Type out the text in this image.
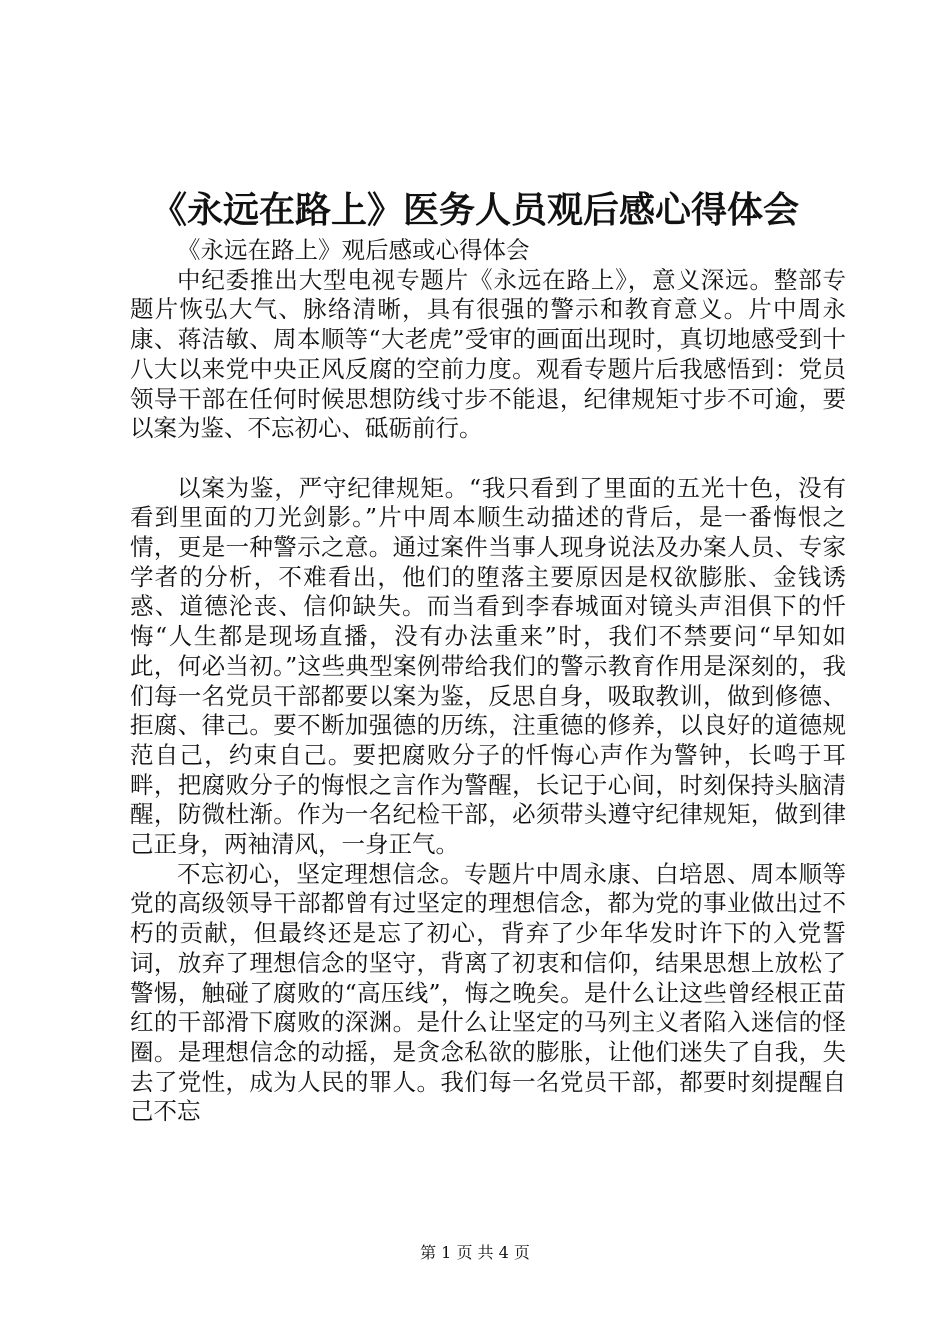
《永远在路上》医务人员观后感心得体会

《永远在路上》观后感或心得体会

中纪委推出大型电视专题片《永远在路上》，意义深远。整部专题片恢弘大气、脉络清晰，具有很强的警示和教育意义。片中周永康、蒋洁敏、周本顺等“大老虎”受审的画面出现时，真切地感受到十八大以来党中央正风反腐的空前力度。观看专题片后我感悟到：党员领导干部在任何时候思想防线寸步不能退，纪律规矩寸步不可逾，要以案为鉴、不忘初心、砥砺前行。

以案为鉴，严守纪律规矩。“我只看到了里面的五光十色，没有看到里面的刀光剑影。”片中周本顺生动描述的背后，是一番悔恨之情，更是一种警示之意。通过案件当事人现身说法及办案人员、专家学者的分析，不难看出，他们的堕落主要原因是权欲膨胀、金钱诱惑、道德沦丧、信仰缺失。而当看到李春城面对镜头声泪俱下的忏悔“人生都是现场直播，没有办法重来”时，我们不禁要问“早知如此，何必当初。”这些典型案例带给我们的警示教育作用是深刻的，我们每一名党员干部都要以案为鉴，反思自身，吸取教训，做到修德、拒腐、律己。要不断加强德的历练，注重德的修养，以良好的道德规范自己，约束自己。要把腐败分子的忏悔心声作为警钟，长鸣于耳畔，把腐败分子的悔恨之言作为警醒，长记于心间，时刻保持头脑清醒，防微杜渐。作为一名纪检干部，必须带头遵守纪律规矩，做到律己正身，两袖清风，一身正气。

不忘初心，坚定理想信念。专题片中周永康、白培恩、周本顺等党的高级领导干部都曾有过坚定的理想信念，都为党的事业做出过不朽的贡献，但最终还是忘了初心，背弃了少年华发时许下的入党誓词，放弃了理想信念的坚守，背离了初衷和信仰，结果思想上放松了警惕，触碰了腐败的“高压线”，悔之晚矣。是什么让这些曾经根正苗红的干部滑下腐败的深渊。是什么让坚定的马列主义者陷入迷信的怪圈。是理想信念的动摇，是贪念私欲的膨胀，让他们迷失了自我，失去了党性，成为人民的罪人。我们每一名党员干部，都要时刻提醒自己不忘

第 1 页 共 4 页
